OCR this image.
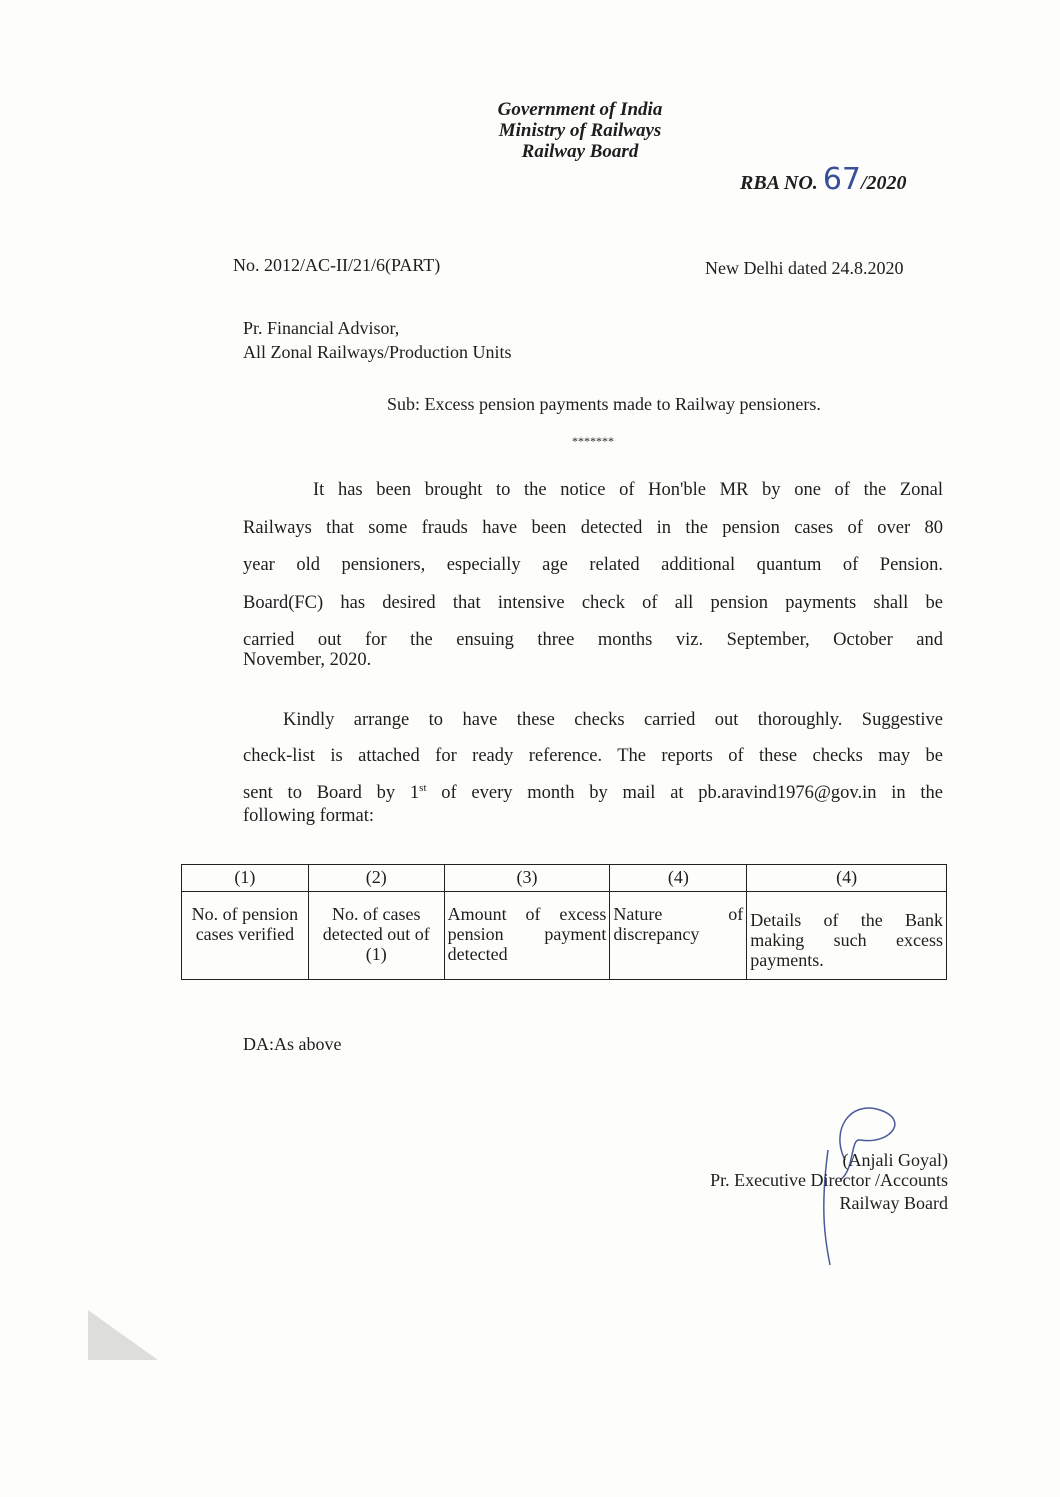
Government of India
Ministry of Railways
Railway Board
RBA NO. 67/2020
No. 2012/AC-II/21/6(PART)	New Delhi dated 24.8.2020
Pr. Financial Advisor,
All Zonal Railways/Production Units
Sub: Excess pension payments made to Railway pensioners.
*******
It has been brought to the notice of Hon'ble MR by one of the Zonal
Railways that some frauds have been detected in the pension cases of over 80
year old pensioners, especially age related additional quantum of Pension.
Board(FC) has desired that intensive check of all pension payments shall be
carried out for the ensuing three months viz. September, October and
November, 2020.
Kindly arrange to have these checks carried out thoroughly. Suggestive
check-list is attached for ready reference. The reports of these checks may be
sent to Board by 1st of every month by mail at pb.aravind1976@gov.in in the
following format:
(1)	(2)	(3)	(4)	(4)
No. of pension cases verified	No. of cases detected out of (1)	Amount of excess pension payment detected	Nature of discrepancy	Details of the Bank making such excess payments.
DA:As above
(Anjali Goyal)
Pr. Executive Director /Accounts
Railway Board
